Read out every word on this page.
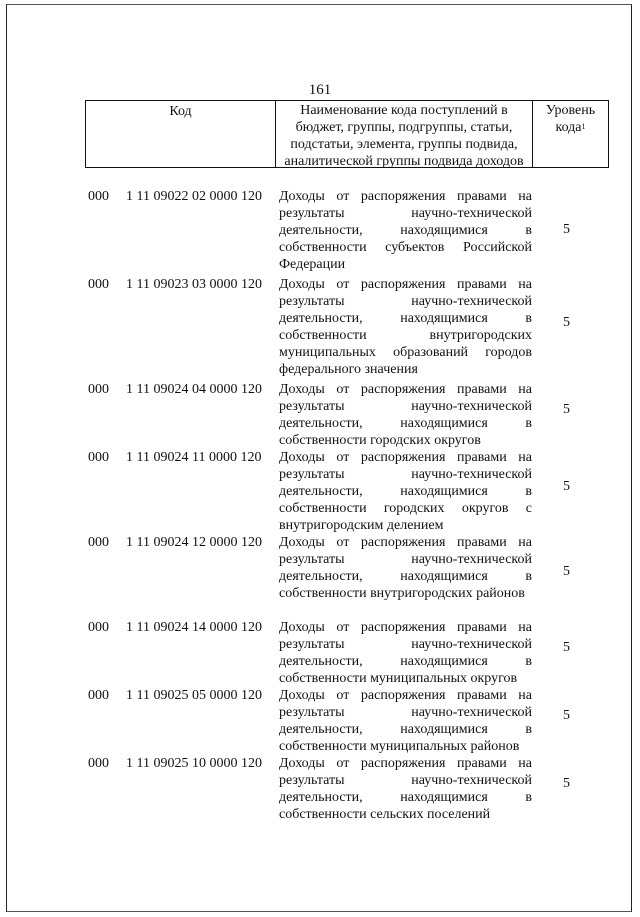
161
Код	Наименование кода поступлений в бюджет, группы, подгруппы, статьи, подстатьи, элемента, группы подвида, аналитической группы подвида доходов
Уровень кода$^1$
000 1 11 09022 02 0000 120 Доходы от распоряжения правами на результаты научно-технической деятельности, находящимися в собственности субъектов Российской Федерации
5
000 1 11 09023 03 0000 120 Доходы от распоряжения правами на результаты научно-технической деятельности, находящимися в собственности внутригородских муниципальных образований городов федерального значения
5
000 1 11 09024 04 0000 120 Доходы от распоряжения правами на результаты научно-технической деятельности, находящимися в собственности городских округов
5
000 1 11 09024 11 0000 120 Доходы от распоряжения правами на результаты научно-технической деятельности, находящимися в собственности городских округов с внутригородским делением
5
000 1 11 09024 12 0000 120 Доходы от распоряжения правами на результаты научно-технической деятельности, находящимися в собственности внутригородских районов
5
000 1 11 09024 14 0000 120 Доходы от распоряжения правами на результаты научно-технической деятельности, находящимися в собственности муниципальных округов
5
000 1 11 09025 05 0000 120 Доходы от распоряжения правами на результаты научно-технической деятельности, находящимися в собственности муниципальных районов
5
000 1 11 09025 10 0000 120 Доходы от распоряжения правами на результаты научно-технической деятельности, находящимися в собственности сельских поселений
5
